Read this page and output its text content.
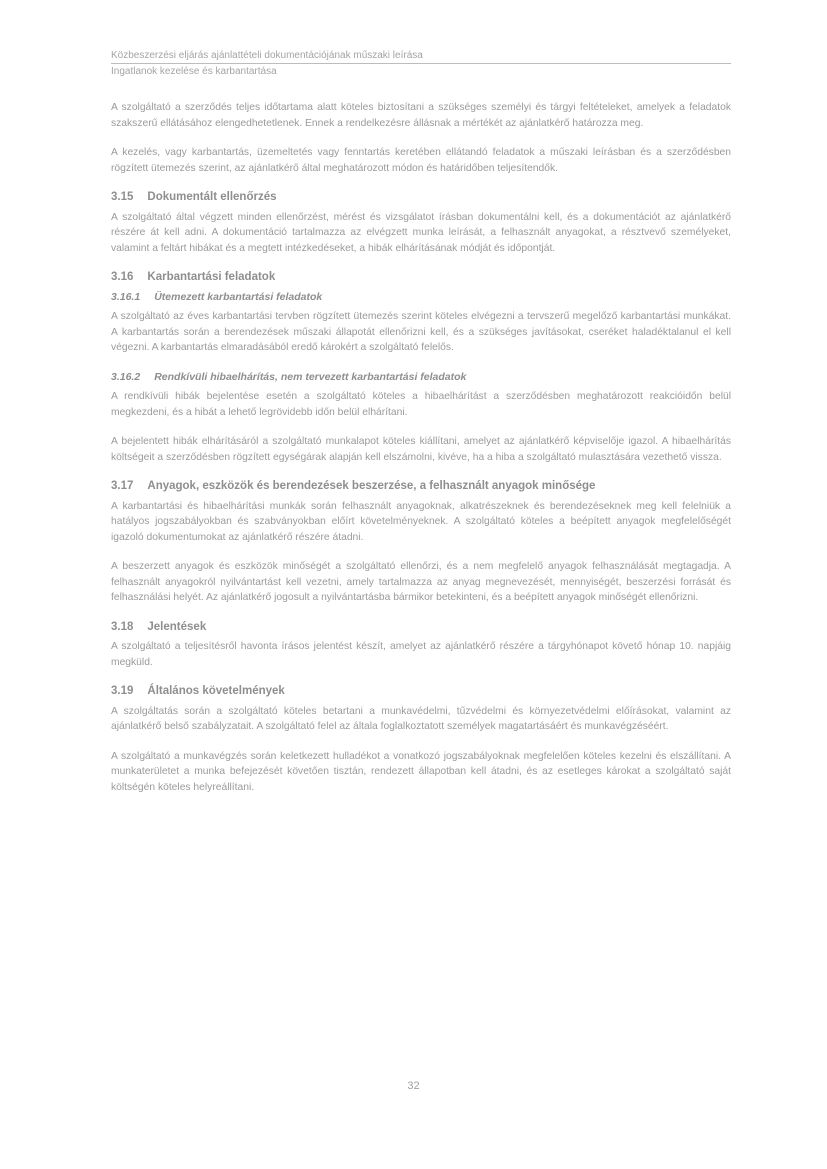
Közbeszerzési eljárás ajánlattételi dokumentációjának műszaki leírása
Ingatlanok kezelése és karbantartása

A szolgáltató a szerződés teljes időtartama alatt köteles biztosítani a szükséges személyi és tárgyi feltételeket, amelyek a feladatok szakszerű ellátásához elengedhetetlenek. Ennek a rendelkezésre állásnak a mértékét az ajánlatkérő határozza meg.

A kezelés, vagy karbantartás, üzemeltetés vagy fenntartás keretében ellátandó feladatok a műszaki leírásban és a szerződésben rögzített ütemezés szerint, az ajánlatkérő által meghatározott módon és határidőben teljesítendők.

3.15 Dokumentált ellenőrzés

A szolgáltató által végzett minden ellenőrzést, mérést és vizsgálatot írásban dokumentálni kell, és a dokumentációt az ajánlatkérő részére át kell adni. A dokumentáció tartalmazza az elvégzett munka leírását, a felhasznált anyagokat, a résztvevő személyeket, valamint a feltárt hibákat és a megtett intézkedéseket, a hibák elhárításának módját és időpontját.

3.16 Karbantartási feladatok
3.16.1 Ütemezett karbantartási feladatok

A szolgáltató az éves karbantartási tervben rögzített ütemezés szerint köteles elvégezni a tervszerű megelőző karbantartási munkákat. A karbantartás során a berendezések műszaki állapotát ellenőrizni kell, és a szükséges javításokat, cseréket haladéktalanul el kell végezni. A karbantartás elmaradásából eredő károkért a szolgáltató felelős.

3.16.2 Rendkívüli hibaelhárítás, nem tervezett karbantartási feladatok

A rendkívüli hibák bejelentése esetén a szolgáltató köteles a hibaelhárítást a szerződésben meghatározott reakcióidőn belül megkezdeni, és a hibát a lehető legrövidebb időn belül elhárítani.

A bejelentett hibák elhárításáról a szolgáltató munkalapot köteles kiállítani, amelyet az ajánlatkérő képviselője igazol. A hibaelhárítás költségeit a szerződésben rögzített egységárak alapján kell elszámolni, kivéve, ha a hiba a szolgáltató mulasztására vezethető vissza.

3.17 Anyagok, eszközök és berendezések beszerzése, a felhasznált anyagok minősége

A karbantartási és hibaelhárítási munkák során felhasznált anyagoknak, alkatrészeknek és berendezéseknek meg kell felelniük a hatályos jogszabályokban és szabványokban előírt követelményeknek. A szolgáltató köteles a beépített anyagok megfelelőségét igazoló dokumentumokat az ajánlatkérő részére átadni.

A beszerzett anyagok és eszközök minőségét a szolgáltató ellenőrzi, és a nem megfelelő anyagok felhasználását megtagadja. A felhasznált anyagokról nyilvántartást kell vezetni, amely tartalmazza az anyag megnevezését, mennyiségét, beszerzési forrását és felhasználási helyét. Az ajánlatkérő jogosult a nyilvántartásba bármikor betekinteni, és a beépített anyagok minőségét ellenőrizni.

3.18 Jelentések

A szolgáltató a teljesítésről havonta írásos jelentést készít, amelyet az ajánlatkérő részére a tárgyhónapot követő hónap 10. napjáig megküld.

3.19 Általános követelmények

A szolgáltatás során a szolgáltató köteles betartani a munkavédelmi, tűzvédelmi és környezetvédelmi előírásokat, valamint az ajánlatkérő belső szabályzatait. A szolgáltató felel az általa foglalkoztatott személyek magatartásáért és munkavégzéséért.

A szolgáltató a munkavégzés során keletkezett hulladékot a vonatkozó jogszabályoknak megfelelően köteles kezelni és elszállítani. A munkaterületet a munka befejezését követően tisztán, rendezett állapotban kell átadni, és az esetleges károkat a szolgáltató saját költségén köteles helyreállítani.

32
